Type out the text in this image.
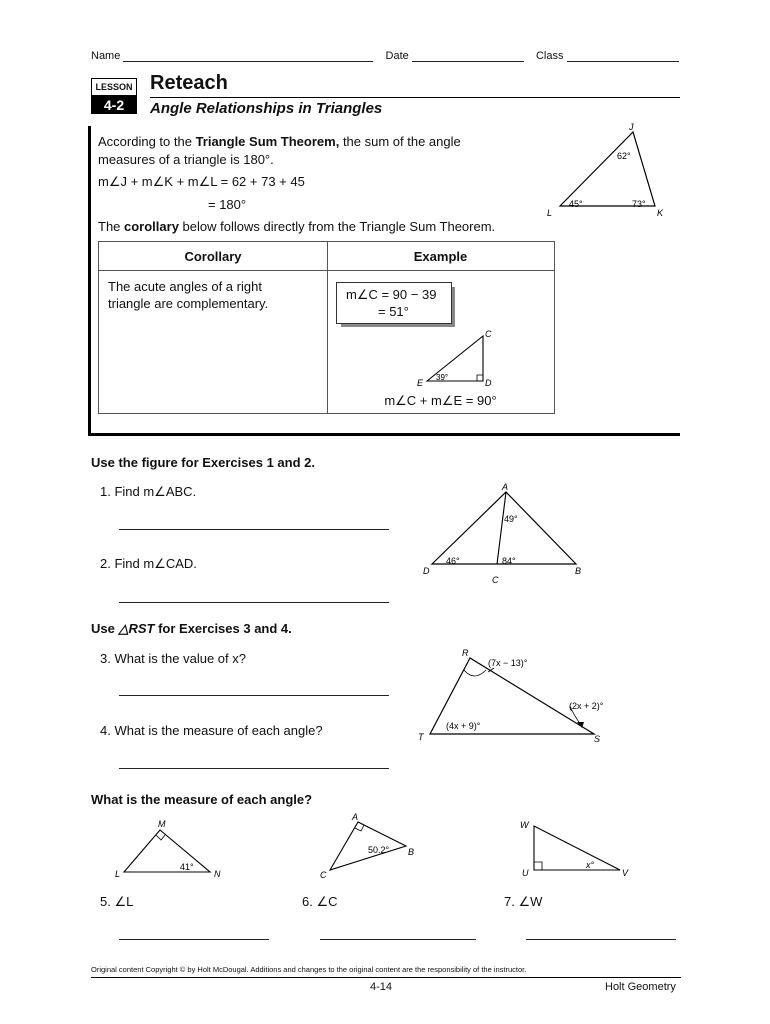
Name	Date	Class
LESSON
4-2
Reteach
Angle Relationships in Triangles
According to the Triangle Sum Theorem, the sum of the angle
measures of a triangle is 180°.
m∠J + m∠K + m∠L = 62 + 73 + 45
= 180°
The corollary below follows directly from the Triangle Sum Theorem.
J
K
L
62°
45°	73°
Corollary	Example
The acute angles of a right
triangle are complementary.
m∠C = 90 − 39
= 51°
C
E	D
39°
m∠C + m∠E = 90°
Use the figure for Exercises 1 and 2.
1. Find m∠ABC.
2. Find m∠CAD.
A
B
C
D
49°
46°	84°
Use △RST for Exercises 3 and 4.
3. What is the value of x?
4. What is the measure of each angle?
R
S
T
(7x − 13)°
(2x + 2)°
(4x + 9)°
What is the measure of each angle?
M
L	N
41°
A
B
C
50.2°
W
U	V
x°
5. ∠L	6. ∠C	7. ∠W
Original content Copyright © by Holt McDougal. Additions and changes to the original content are the responsibility of the instructor.
4-14	Holt Geometry
